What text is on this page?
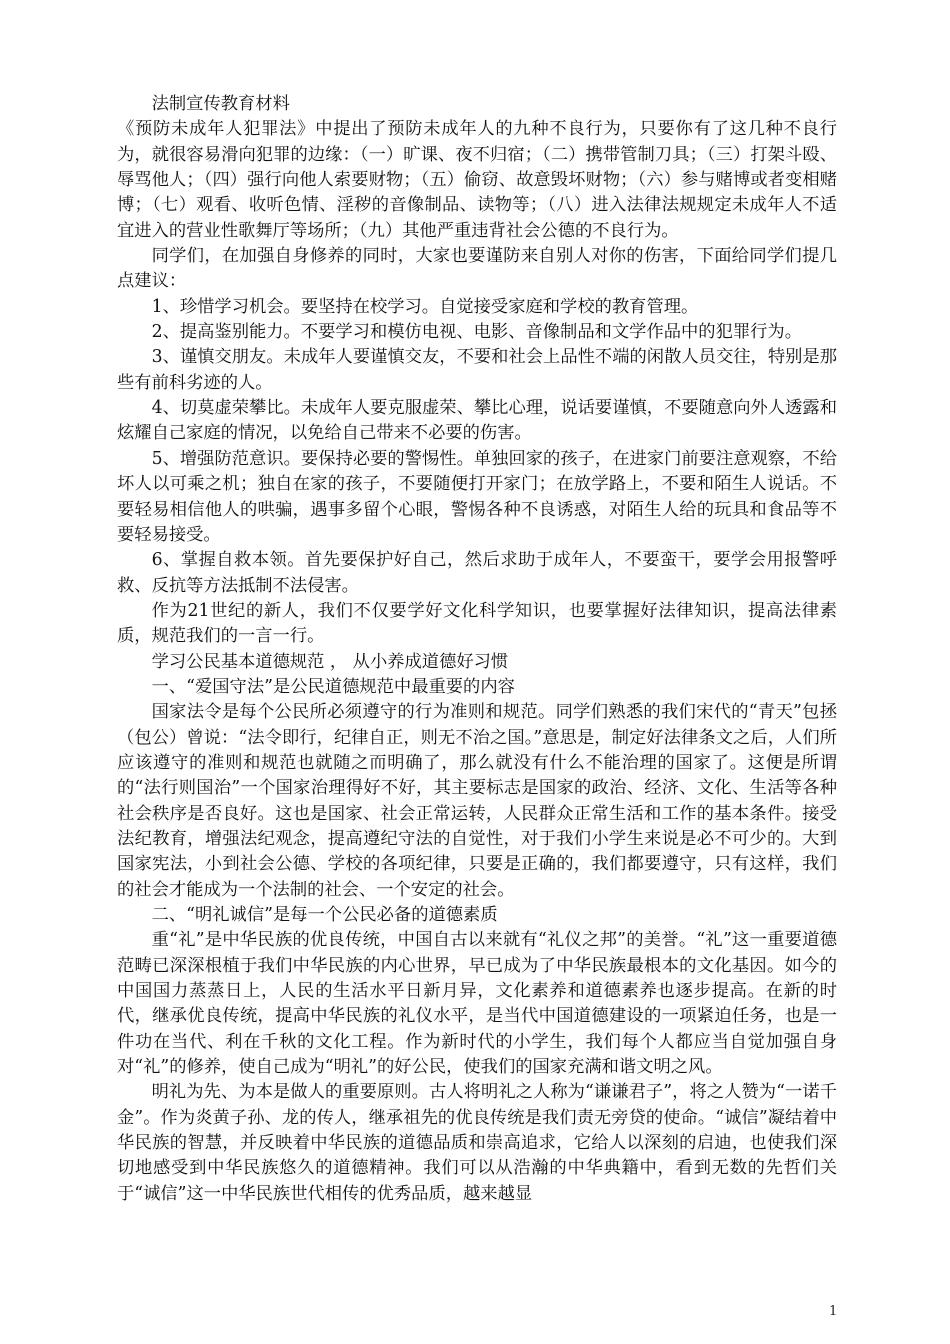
法制宣传教育材料

《预防未成年人犯罪法》中提出了预防未成年人的九种不良行为，只要你有了这几种不良行为，就很容易滑向犯罪的边缘：（一）旷课、夜不归宿；（二）携带管制刀具；（三）打架斗殴、辱骂他人；（四）强行向他人索要财物；（五）偷窃、故意毁坏财物；（六）参与赌博或者变相赌博；（七）观看、收听色情、淫秽的音像制品、读物等；（八）进入法律法规规定未成年人不适宜进入的营业性歌舞厅等场所；（九）其他严重违背社会公德的不良行为。

同学们，在加强自身修养的同时，大家也要谨防来自别人对你的伤害，下面给同学们提几点建议：

1、珍惜学习机会。要坚持在校学习。自觉接受家庭和学校的教育管理。

2、提高鉴别能力。不要学习和模仿电视、电影、音像制品和文学作品中的犯罪行为。

3、谨慎交朋友。未成年人要谨慎交友，不要和社会上品性不端的闲散人员交往，特别是那些有前科劣迹的人。

4、切莫虚荣攀比。未成年人要克服虚荣、攀比心理，说话要谨慎，不要随意向外人透露和炫耀自己家庭的情况，以免给自己带来不必要的伤害。

5、增强防范意识。要保持必要的警惕性。单独回家的孩子，在进家门前要注意观察，不给坏人以可乘之机；独自在家的孩子，不要随便打开家门；在放学路上，不要和陌生人说话。不要轻易相信他人的哄骗，遇事多留个心眼，警惕各种不良诱惑，对陌生人给的玩具和食品等不要轻易接受。

6、掌握自救本领。首先要保护好自己，然后求助于成年人，不要蛮干，要学会用报警呼救、反抗等方法抵制不法侵害。

作为21世纪的新人，我们不仅要学好文化科学知识，也要掌握好法律知识，提高法律素质，规范我们的一言一行。

学习公民基本道德规范 ， 从小养成道德好习惯

一、“爱国守法”是公民道德规范中最重要的内容

国家法令是每个公民所必须遵守的行为准则和规范。同学们熟悉的我们宋代的“青天”包拯（包公）曾说：“法令即行，纪律自正，则无不治之国。”意思是，制定好法律条文之后，人们所应该遵守的准则和规范也就随之而明确了，那么就没有什么不能治理的国家了。这便是所谓的“法行则国治”一个国家治理得好不好，其主要标志是国家的政治、经济、文化、生活等各种社会秩序是否良好。这也是国家、社会正常运转，人民群众正常生活和工作的基本条件。接受法纪教育，增强法纪观念，提高遵纪守法的自觉性，对于我们小学生来说是必不可少的。大到国家宪法，小到社会公德、学校的各项纪律，只要是正确的，我们都要遵守，只有这样，我们的社会才能成为一个法制的社会、一个安定的社会。

二、“明礼诚信”是每一个公民必备的道德素质

重“礼”是中华民族的优良传统，中国自古以来就有“礼仪之邦”的美誉。“礼”这一重要道德范畴已深深根植于我们中华民族的内心世界，早已成为了中华民族最根本的文化基因。如今的中国国力蒸蒸日上，人民的生活水平日新月异，文化素养和道德素养也逐步提高。在新的时代，继承优良传统，提高中华民族的礼仪水平，是当代中国道德建设的一项紧迫任务，也是一件功在当代、利在千秋的文化工程。作为新时代的小学生，我们每个人都应当自觉加强自身对“礼”的修养，使自己成为“明礼”的好公民，使我们的国家充满和谐文明之风。

明礼为先、为本是做人的重要原则。古人将明礼之人称为“谦谦君子”，将之人赞为“一诺千金”。作为炎黄子孙、龙的传人，继承祖先的优良传统是我们责无旁贷的使命。“诚信”凝结着中华民族的智慧，并反映着中华民族的道德品质和崇高追求，它给人以深刻的启迪，也使我们深切地感受到中华民族悠久的道德精神。我们可以从浩瀚的中华典籍中，看到无数的先哲们关于“诚信”这一中华民族世代相传的优秀品质，越来越显

1
